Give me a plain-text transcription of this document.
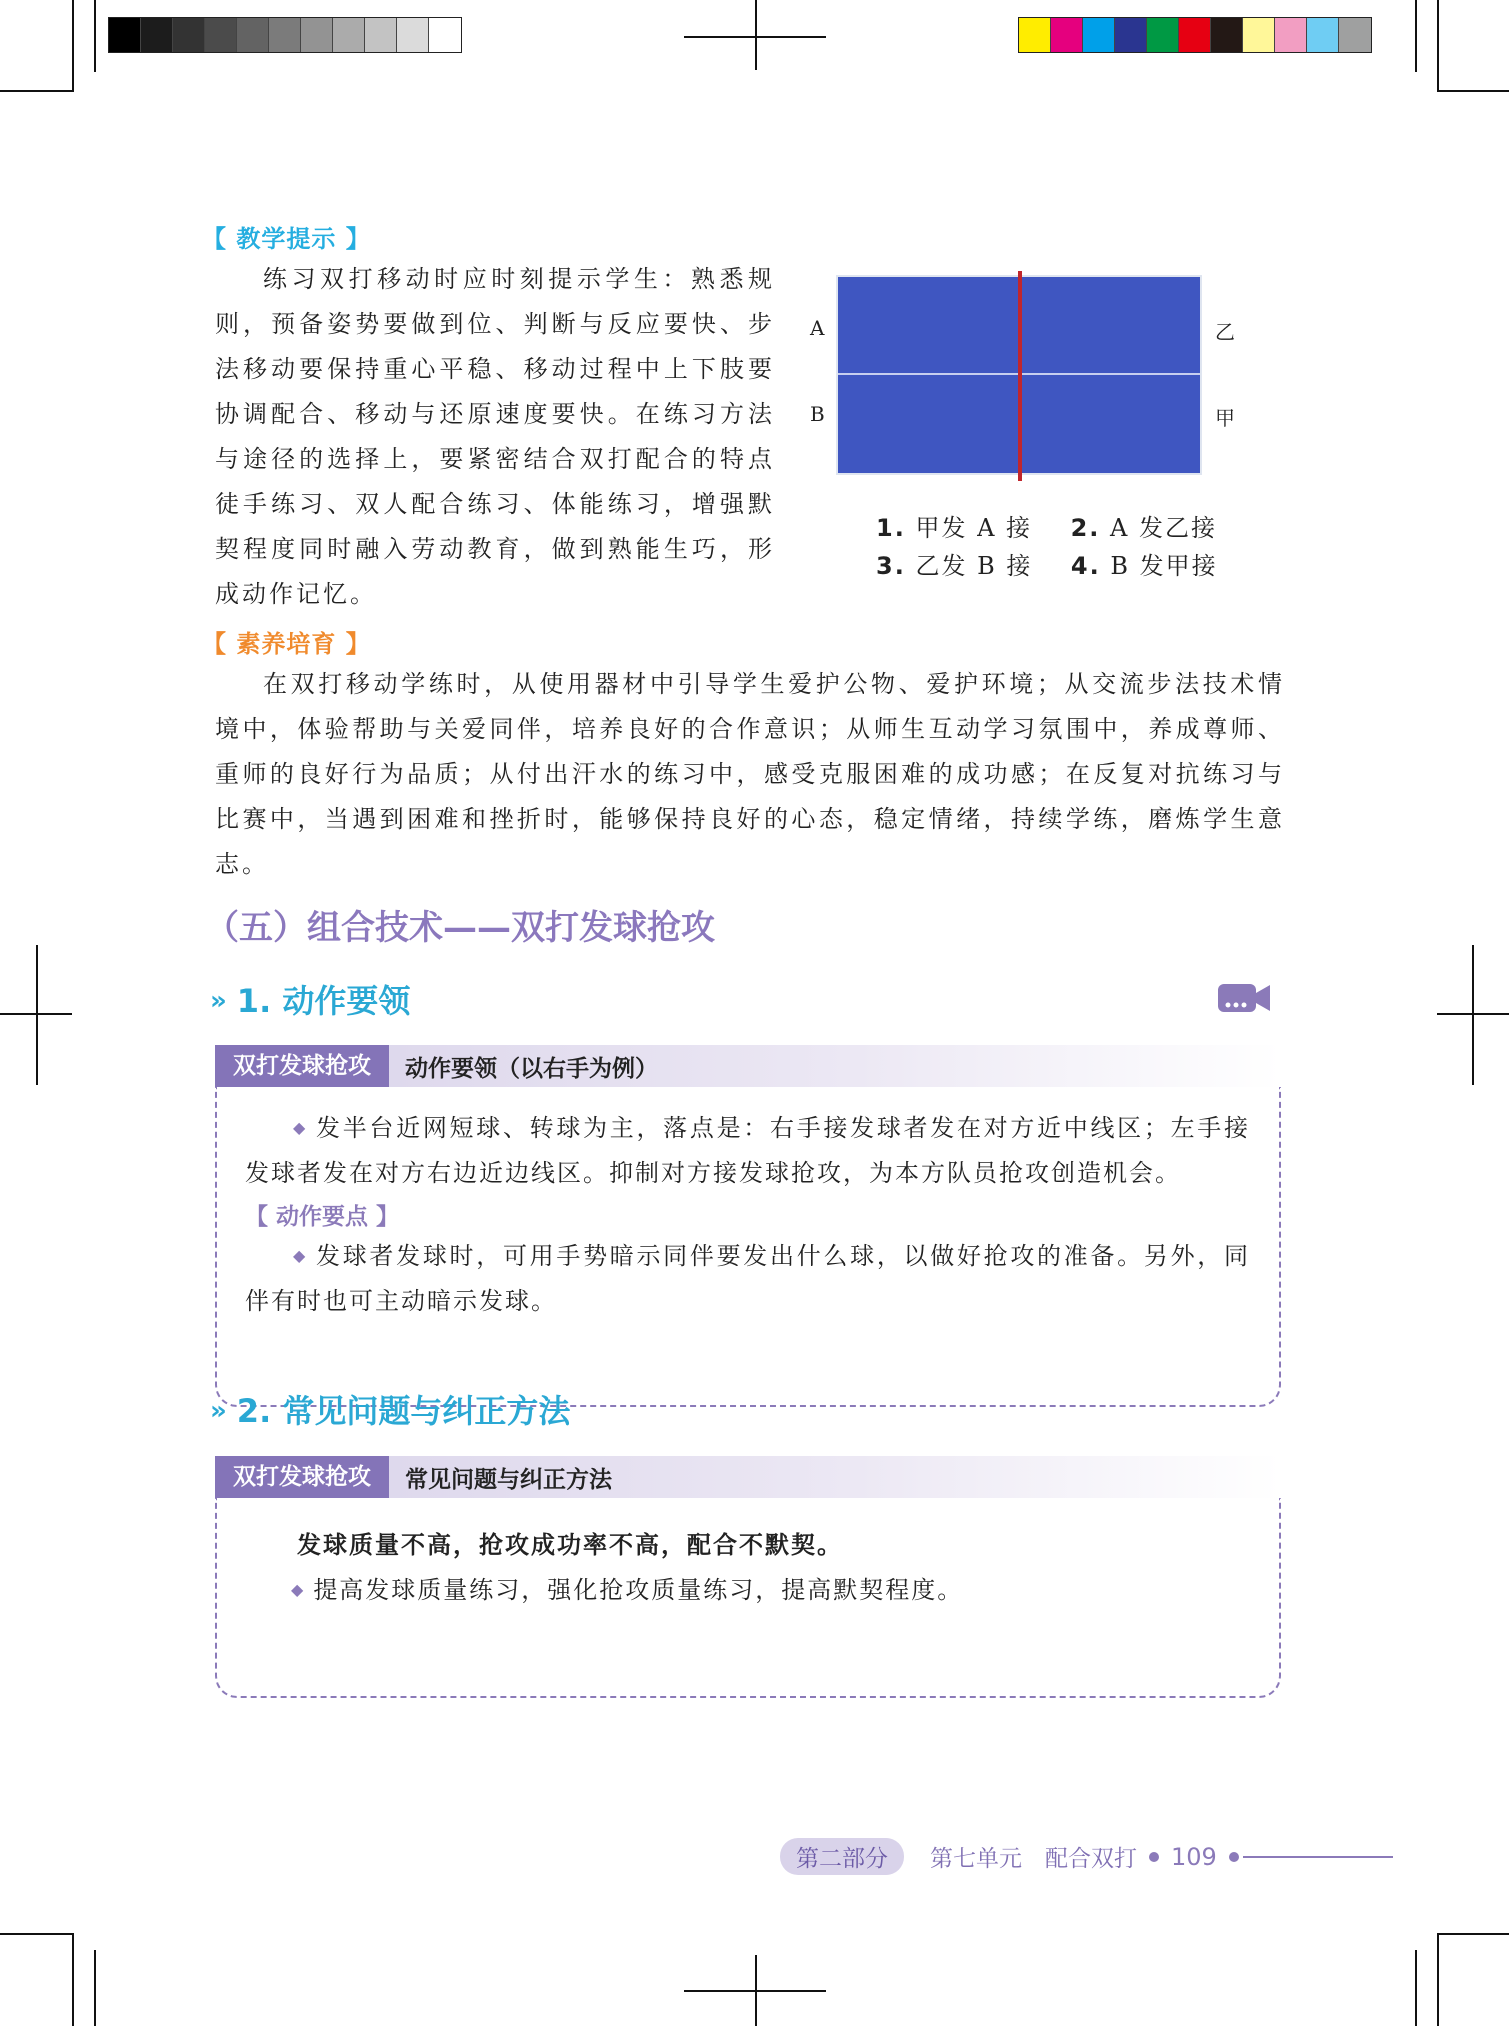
【 教学提示 】

练习双打移动时应时刻提示学生：熟悉规则，预备姿势要做到位、判断与反应要快、步法移动要保持重心平稳、移动过程中上下肢要协调配合、移动与还原速度要快。在练习方法与途径的选择上，要紧密结合双打配合的特点徒手练习、双人配合练习、体能练习，增强默契程度同时融入劳动教育，做到熟能生巧，形成动作记忆。

A
B
乙
甲
1. 甲发 A 接 2. A 发乙接
3. 乙发 B 接 4. B 发甲接
【 素养培育 】

在双打移动学练时，从使用器材中引导学生爱护公物、爱护环境；从交流步法技术情境中，体验帮助与关爱同伴，培养良好的合作意识；从师生互动学习氛围中，养成尊师、重师的良好行为品质；从付出汗水的练习中，感受克服困难的成功感；在反复对抗练习与比赛中，当遇到困难和挫折时，能够保持良好的心态，稳定情绪，持续学练，磨炼学生意志。

（五）组合技术——双打发球抢攻
» 1. 动作要领
双打发球抢攻	动作要领（以右手为例）

◆ 发半台近网短球、转球为主，落点是：右手接发球者发在对方近中线区；左手接发球者发在对方右边近边线区。抑制对方接发球抢攻，为本方队员抢攻创造机会。

【 动作要点 】

◆ 发球者发球时，可用手势暗示同伴要发出什么球，以做好抢攻的准备。另外，同伴有时也可主动暗示发球。

» 2. 常见问题与纠正方法
双打发球抢攻	常见问题与纠正方法
发球质量不高，抢攻成功率不高，配合不默契。
◆ 提高发球质量练习，强化抢攻质量练习，提高默契程度。
第二部分	第七单元　配合双打 109
